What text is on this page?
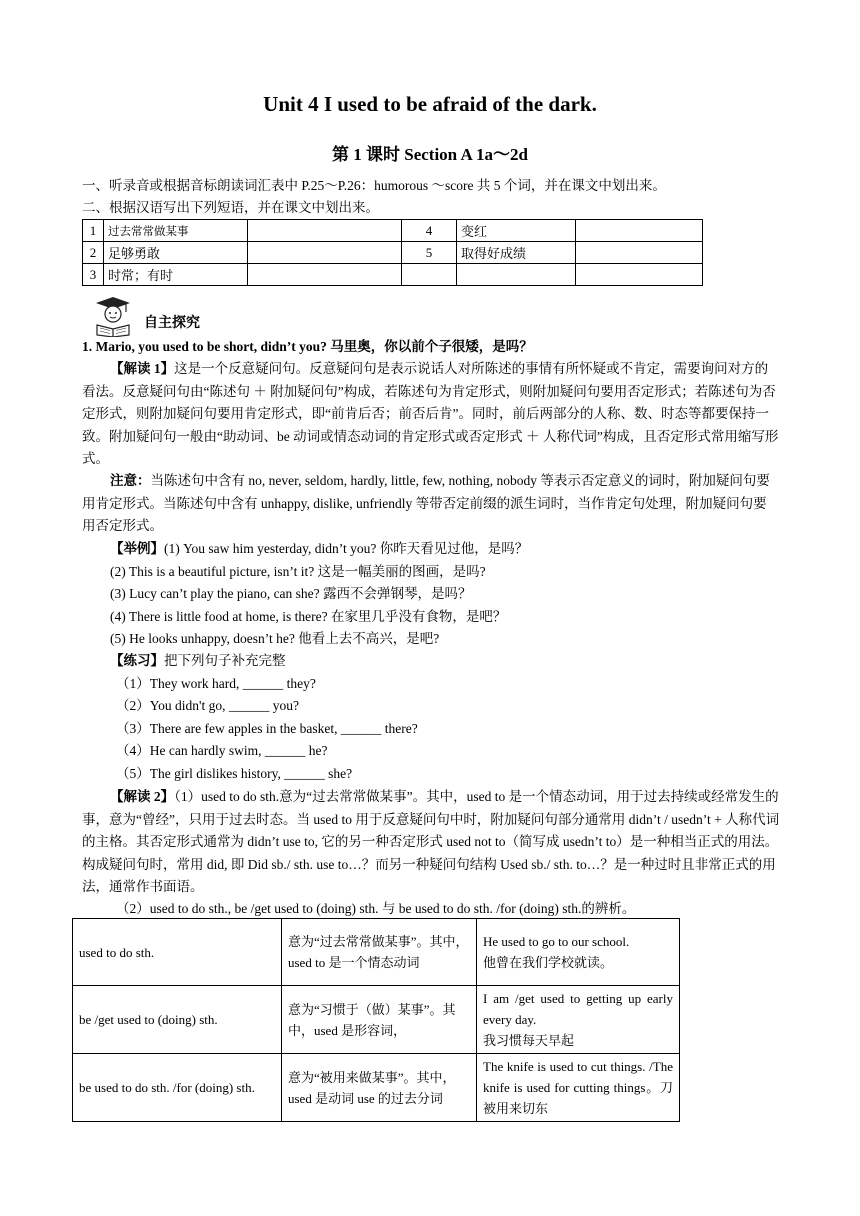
Unit 4 I used to be afraid of the dark.
第 1 课时 Section A 1a～2d
一、听录音或根据音标朗读词汇表中 P.25～P.26：humorous ～score 共 5 个词，并在课文中划出来。
二、根据汉语写出下列短语，并在课文中划出来。
1	过去常常做某事		4	变红	
2	足够勇敢		5	取得好成绩	
3	时常；有时				
自主探究
1. Mario, you used to be short, didn’t you? 马里奥，你以前个子很矮，是吗？
【解读 1】这是一个反意疑问句。反意疑问句是表示说话人对所陈述的事情有所怀疑或不肯定，需要询问对方的看法。反意疑问句由“陈述句 ＋ 附加疑问句”构成，若陈述句为肯定形式，则附加疑问句要用否定形式；若陈述句为否定形式，则附加疑问句要用肯定形式，即“前肯后否；前否后肯”。同时，前后两部分的人称、数、时态等都要保持一致。附加疑问句一般由“助动词、be 动词或情态动词的肯定形式或否定形式 ＋ 人称代词”构成，且否定形式常用缩写形式。
注意：当陈述句中含有 no, never, seldom, hardly, little, few, nothing, nobody 等表示否定意义的词时，附加疑问句要用肯定形式。当陈述句中含有 unhappy, dislike, unfriendly 等带否定前缀的派生词时，当作肯定句处理，附加疑问句要用否定形式。
【举例】(1) You saw him yesterday, didn’t you? 你昨天看见过他，是吗？
(2) This is a beautiful picture, isn’t it? 这是一幅美丽的图画，是吗?
(3) Lucy can’t play the piano, can she? 露西不会弹钢琴，是吗？
(4) There is little food at home, is there? 在家里几乎没有食物，是吧？
(5) He looks unhappy, doesn’t he? 他看上去不高兴，是吧?
【练习】把下列句子补充完整
（1）They work hard, ______ they?
（2）You didn't go, ______ you?
（3）There are few apples in the basket, ______ there?
（4）He can hardly swim, ______ he?
（5）The girl dislikes history, ______ she?
【解读 2】（1）used to do sth.意为“过去常常做某事”。其中，used to 是一个情态动词，用于过去持续或经常发生的事，意为“曾经”，只用于过去时态。当 used to 用于反意疑问句中时，附加疑问句部分通常用 didn’t / usedn’t + 人称代词的主格。其否定形式通常为 didn’t use to, 它的另一种否定形式 used not to（简写成 usedn’t to）是一种相当正式的用法。构成疑问句时，常用 did, 即 Did sb./ sth. use to…？而另一种疑问句结构 Used sb./ sth. to…？是一种过时且非常正式的用法，通常作书面语。
（2）used to do sth., be /get used to (doing) sth. 与 be used to do sth. /for (doing) sth.的辨析。
used to do sth.	意为“过去常常做某事”。其中，used to 是一个情态动词	He used to go to our school.
他曾在我们学校就读。
be /get used to (doing) sth.	意为“习惯于（做）某事”。其中，used 是形容词，	I am /get used to getting up early every day.
我习惯每天早起
be used to do sth. /for (doing) sth.	意为“被用来做某事”。其中，used 是动词 use 的过去分词	The knife is used to cut things. /The knife is used for cutting things。刀被用来切东
